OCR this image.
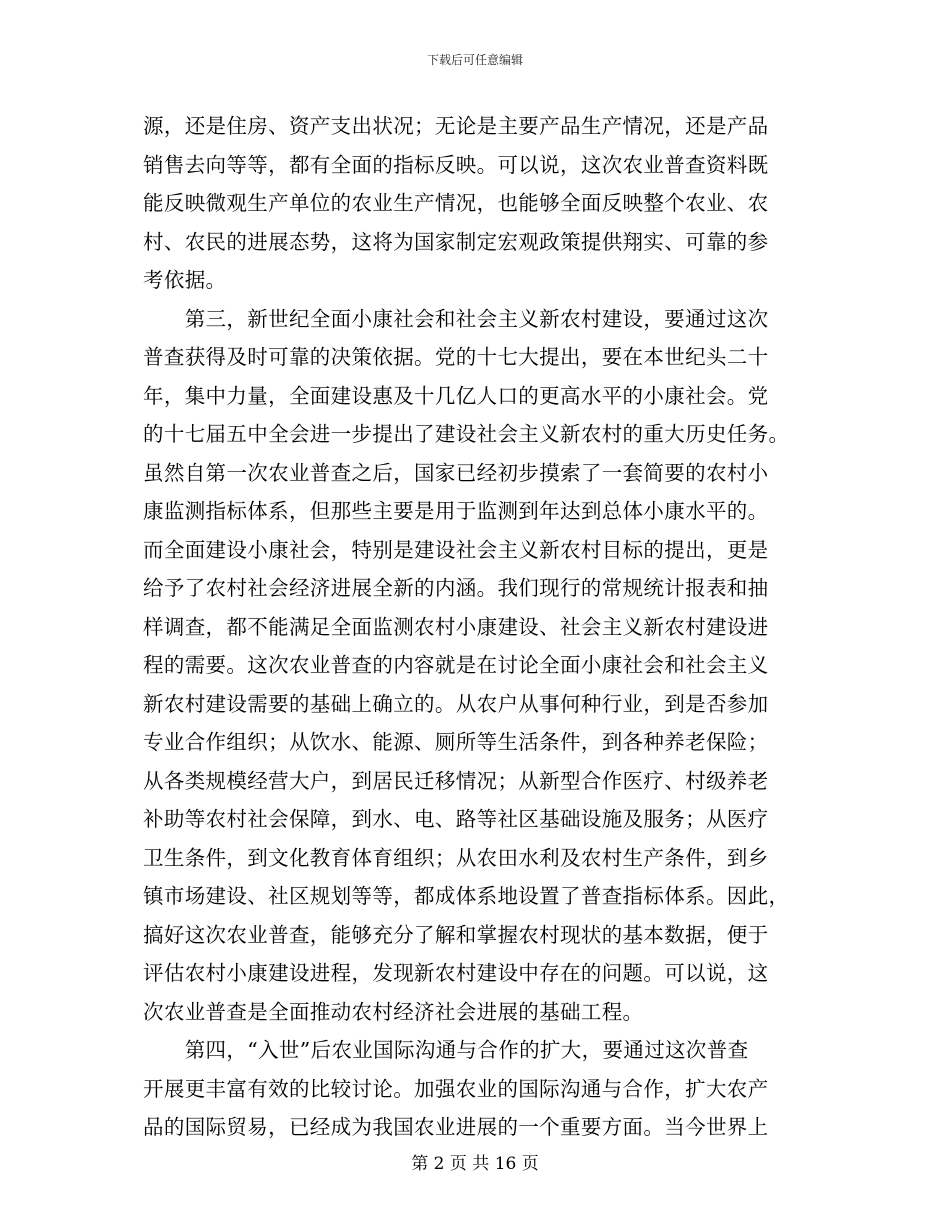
下载后可任意编辑
源，还是住房、资产支出状况；无论是主要产品生产情况，还是产品
销售去向等等，都有全面的指标反映。可以说，这次农业普查资料既
能反映微观生产单位的农业生产情况，也能够全面反映整个农业、农
村、农民的进展态势，这将为国家制定宏观政策提供翔实、可靠的参
考依据。
　　第三，新世纪全面小康社会和社会主义新农村建设，要通过这次
普查获得及时可靠的决策依据。党的十七大提出，要在本世纪头二十
年，集中力量，全面建设惠及十几亿人口的更高水平的小康社会。党
的十七届五中全会进一步提出了建设社会主义新农村的重大历史任务。
虽然自第一次农业普查之后，国家已经初步摸索了一套简要的农村小
康监测指标体系，但那些主要是用于监测到年达到总体小康水平的。
而全面建设小康社会，特别是建设社会主义新农村目标的提出，更是
给予了农村社会经济进展全新的内涵。我们现行的常规统计报表和抽
样调查，都不能满足全面监测农村小康建设、社会主义新农村建设进
程的需要。这次农业普查的内容就是在讨论全面小康社会和社会主义
新农村建设需要的基础上确立的。从农户从事何种行业，到是否参加
专业合作组织；从饮水、能源、厕所等生活条件，到各种养老保险；
从各类规模经营大户，到居民迁移情况；从新型合作医疗、村级养老
补助等农村社会保障，到水、电、路等社区基础设施及服务；从医疗
卫生条件，到文化教育体育组织；从农田水利及农村生产条件，到乡
镇市场建设、社区规划等等，都成体系地设置了普查指标体系。因此，
搞好这次农业普查，能够充分了解和掌握农村现状的基本数据，便于
评估农村小康建设进程，发现新农村建设中存在的问题。可以说，这
次农业普查是全面推动农村经济社会进展的基础工程。
　　第四，“入世”后农业国际沟通与合作的扩大，要通过这次普查
开展更丰富有效的比较讨论。加强农业的国际沟通与合作，扩大农产
品的国际贸易，已经成为我国农业进展的一个重要方面。当今世界上
第 2 页 共 16 页
